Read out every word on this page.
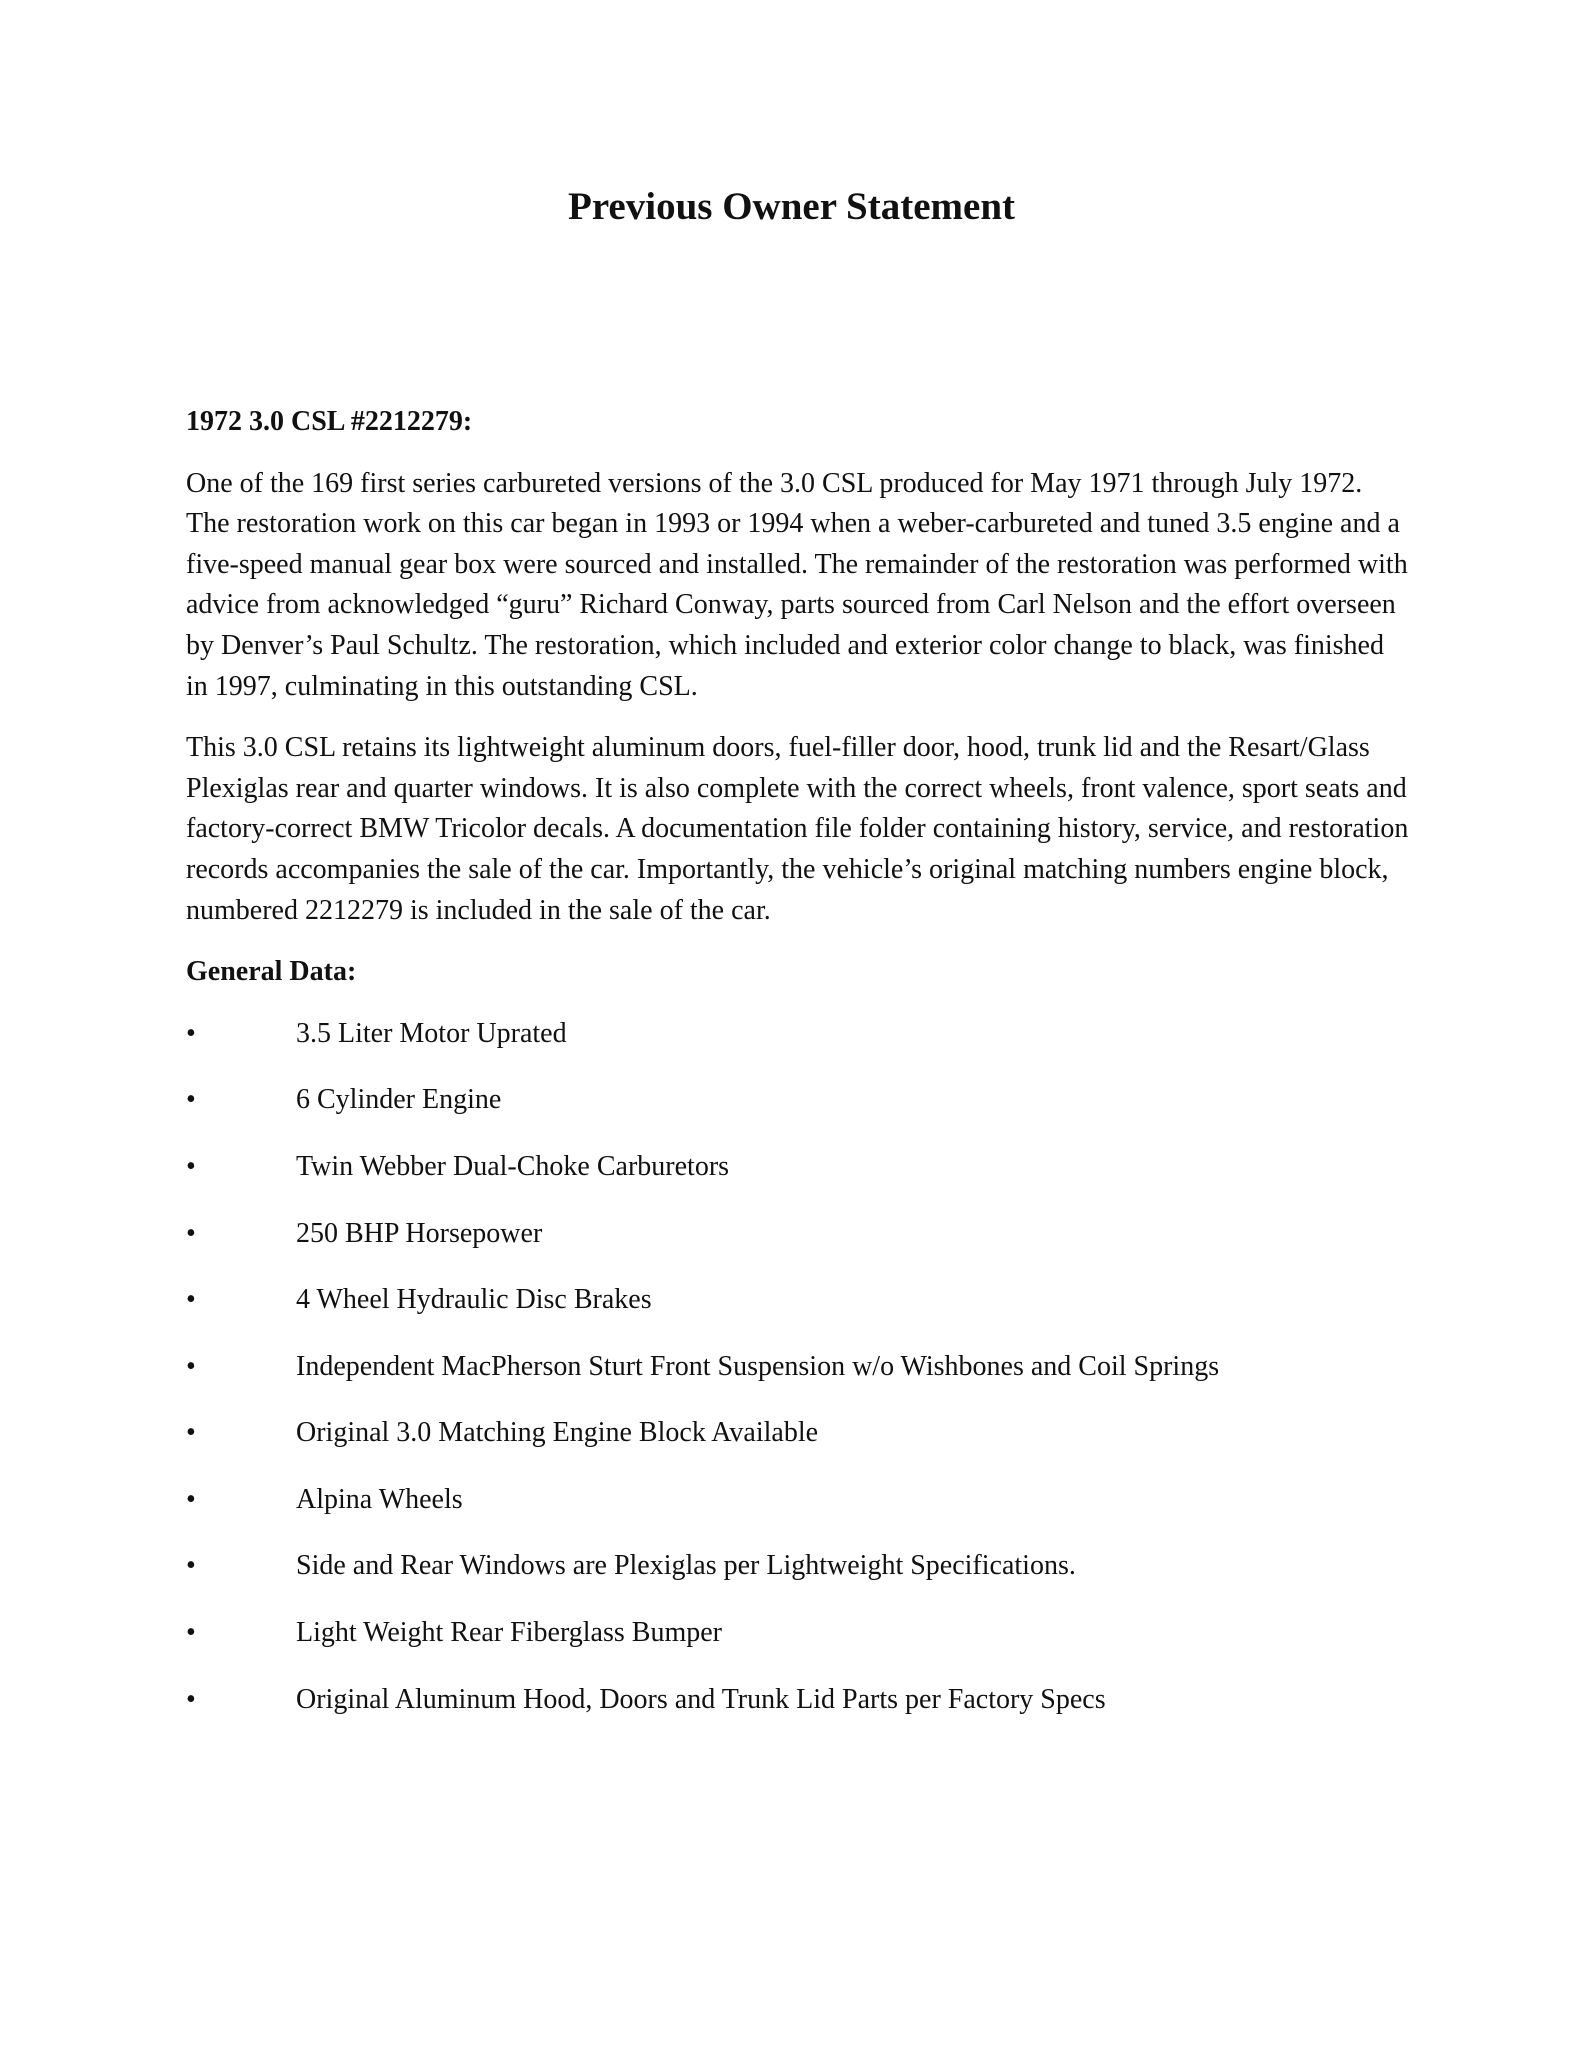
Previous Owner Statement

1972 3.0 CSL #2212279:

One of the 169 first series carbureted versions of the 3.0 CSL produced for May 1971 through July 1972. The restoration work on this car began in 1993 or 1994 when a weber-carbureted and tuned 3.5 engine and a five-speed manual gear box were sourced and installed. The remainder of the restoration was performed with advice from acknowledged “guru” Richard Conway, parts sourced from Carl Nelson and the effort overseen by Denver’s Paul Schultz. The restoration, which included and exterior color change to black, was finished in 1997, culminating in this outstanding CSL.

This 3.0 CSL retains its lightweight aluminum doors, fuel-filler door, hood, trunk lid and the Resart/Glass Plexiglas rear and quarter windows. It is also complete with the correct wheels, front valence, sport seats and factory-correct BMW Tricolor decals. A documentation file folder containing history, service, and restoration records accompanies the sale of the car. Importantly, the vehicle’s original matching numbers engine block, numbered 2212279 is included in the sale of the car.

General Data:

•	3.5 Liter Motor Uprated
•	6 Cylinder Engine
•	Twin Webber Dual-Choke Carburetors
•	250 BHP Horsepower
•	4 Wheel Hydraulic Disc Brakes
•	Independent MacPherson Sturt Front Suspension w/o Wishbones and Coil Springs
•	Original 3.0 Matching Engine Block Available
•	Alpina Wheels
•	Side and Rear Windows are Plexiglas per Lightweight Specifications.
•	Light Weight Rear Fiberglass Bumper
•	Original Aluminum Hood, Doors and Trunk Lid Parts per Factory Specs
